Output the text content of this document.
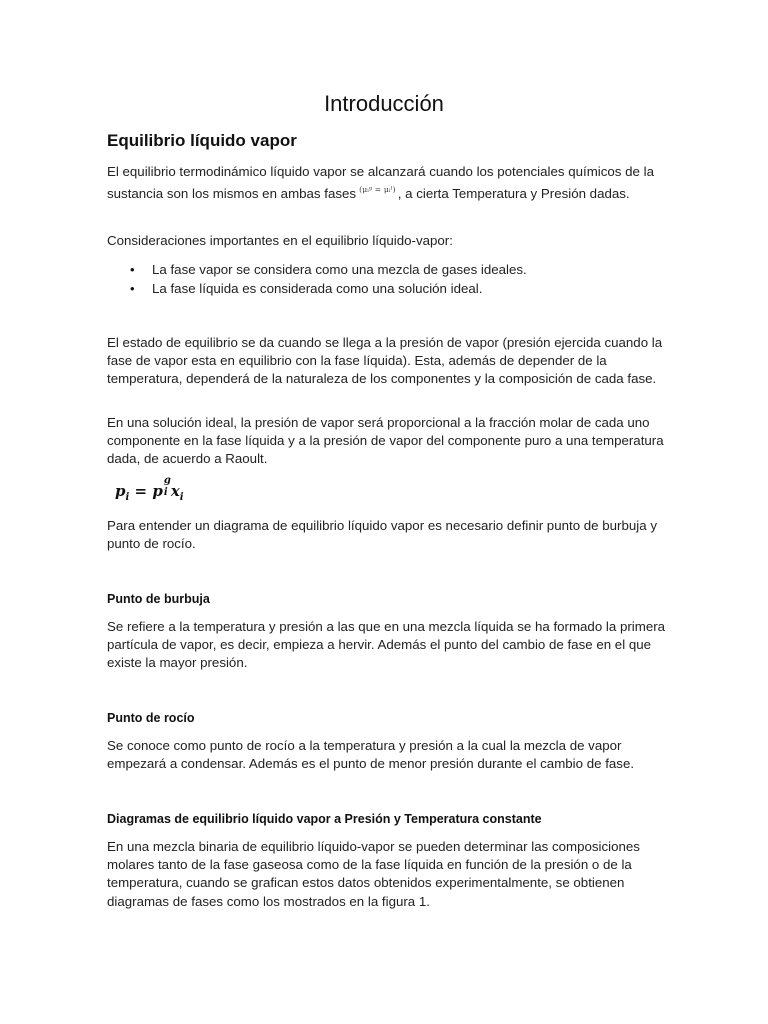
Introducción
Equilibrio líquido vapor

El equilibrio termodinámico líquido vapor se alcanzará cuando los potenciales químicos de la sustancia son los mismos en ambas fases (μᵢᵍ = μᵢˡ) , a cierta Temperatura y Presión dadas.

Consideraciones importantes en el equilibrio líquido-vapor:

• La fase vapor se considera como una mezcla de gases ideales.
• La fase líquida es considerada como una solución ideal.

El estado de equilibrio se da cuando se llega a la presión de vapor (presión ejercida cuando la fase de vapor esta en equilibrio con la fase líquida). Esta, además de depender de la temperatura, dependerá de la naturaleza de los componentes y la composición de cada fase.

En una solución ideal, la presión de vapor será proporcional a la fracción molar de cada uno componente en la fase líquida y a la presión de vapor del componente puro a una temperatura dada, de acuerdo a Raoult.

$p_i = p$
g
i $x_i$

Para entender un diagrama de equilibrio líquido vapor es necesario definir punto de burbuja y punto de rocío.

Punto de burbuja

Se refiere a la temperatura y presión a las que en una mezcla líquida se ha formado la primera partícula de vapor, es decir, empieza a hervir. Además el punto del cambio de fase en el que existe la mayor presión.

Punto de rocío

Se conoce como punto de rocío a la temperatura y presión a la cual la mezcla de vapor empezará a condensar. Además es el punto de menor presión durante el cambio de fase.

Diagramas de equilibrio líquido vapor a Presión y Temperatura constante

En una mezcla binaria de equilibrio líquido-vapor se pueden determinar las composiciones molares tanto de la fase gaseosa como de la fase líquida en función de la presión o de la temperatura, cuando se grafican estos datos obtenidos experimentalmente, se obtienen diagramas de fases como los mostrados en la figura 1.
